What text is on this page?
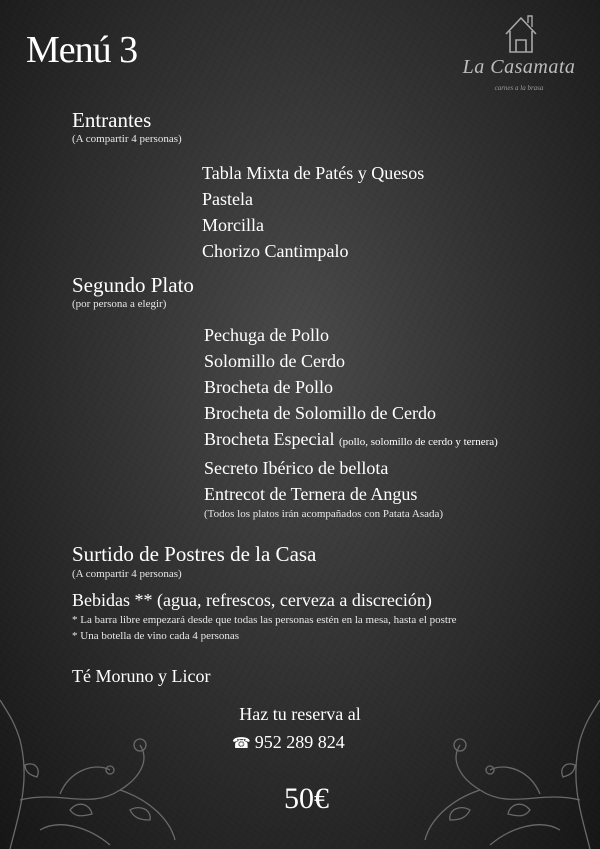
Menú 3	La Casamata
carnes a la brasa
Entrantes
(A compartir 4 personas)
Tabla Mixta de Patés y Quesos
Pastela
Morcilla
Chorizo Cantimpalo
Segundo Plato
(por persona a elegir)
Pechuga de Pollo
Solomillo de Cerdo
Brocheta de Pollo
Brocheta de Solomillo de Cerdo
Brocheta Especial (pollo, solomillo de cerdo y ternera)
Secreto Ibérico de bellota
Entrecot de Ternera de Angus
(Todos los platos irán acompañados con Patata Asada)
Surtido de Postres de la Casa
(A compartir 4 personas)
Bebidas ** (agua, refrescos, cerveza a discreción)
* La barra libre empezará desde que todas las personas estén en la mesa, hasta el postre
* Una botella de vino cada 4 personas
Té Moruno y Licor
Haz tu reserva al
☎ 952 289 824
50€
